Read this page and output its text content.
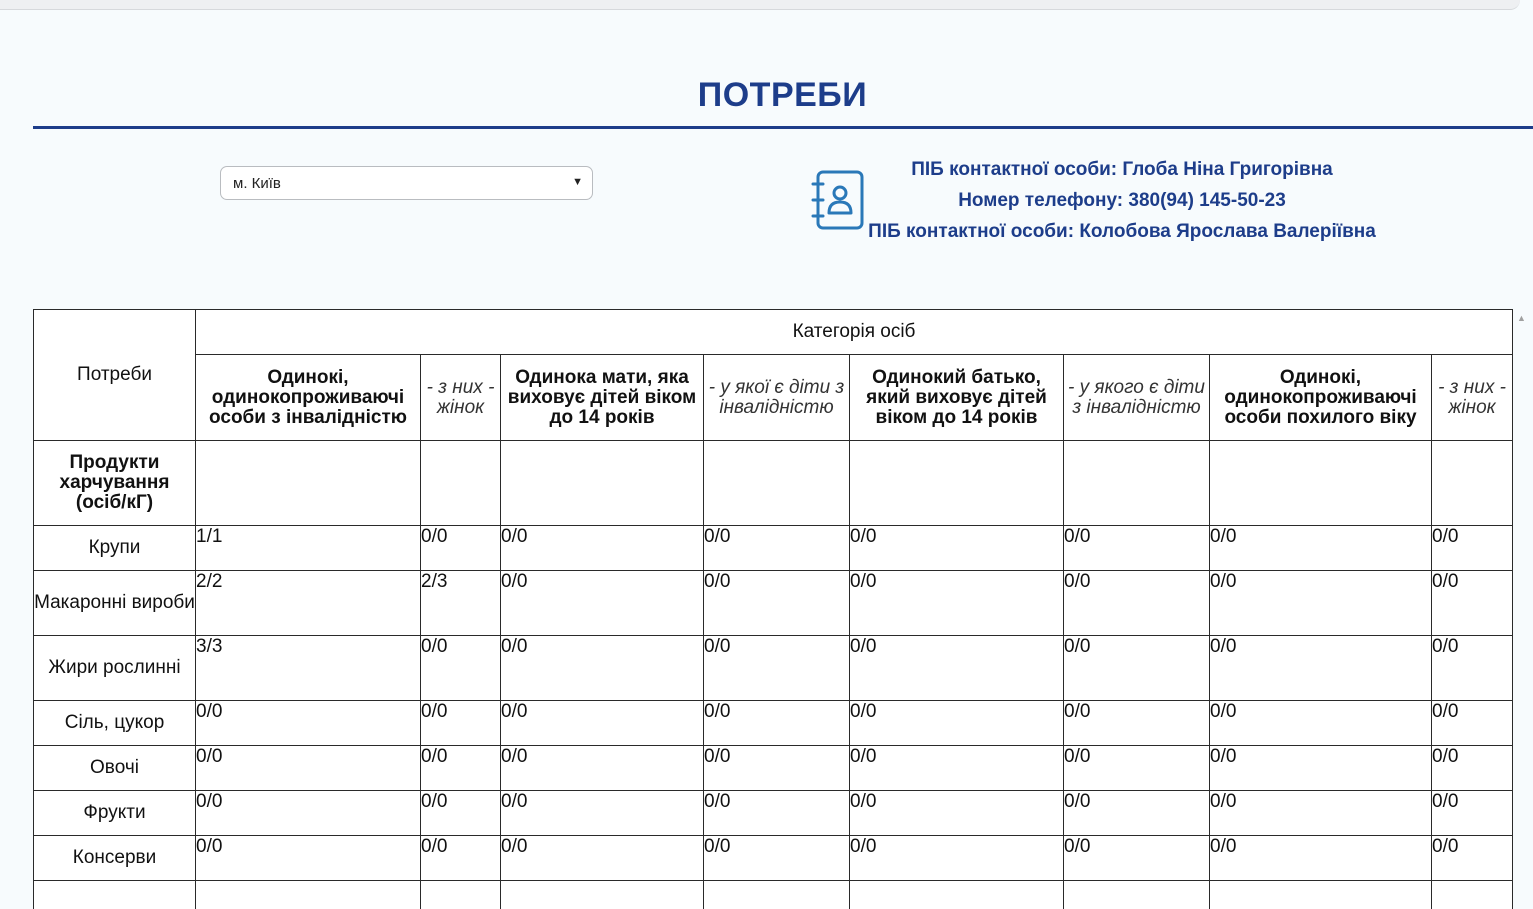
ПОТРЕБИ
м. Київ	▼
ПІБ контактної особи: Глоба Ніна Григорівна
Номер телефону: 380(94) 145-50-23
ПІБ контактної особи: Колобова Ярослава Валеріївна
Потреби	Категорія осіб							
	Одинокі, одинокопроживаючі особи з інвалідністю	- з них - жінок	Одинока мати, яка виховує дітей віком до 14 років	- у якої є діти з інвалідністю	Одинокий батько, який виховує дітей віком до 14 років	- у якого є діти з інвалідністю	Одинокі, одинокопроживаючі особи похилого віку	- з них - жінок
Продукти харчування (осіб/кГ)								
Крупи	1/1	0/0	0/0	0/0	0/0	0/0	0/0	0/0
Макаронні вироби	2/2	2/3	0/0	0/0	0/0	0/0	0/0	0/0
Жири рослинні	3/3	0/0	0/0	0/0	0/0	0/0	0/0	0/0
Сіль, цукор	0/0	0/0	0/0	0/0	0/0	0/0	0/0	0/0
Овочі	0/0	0/0	0/0	0/0	0/0	0/0	0/0	0/0
Фрукти	0/0	0/0	0/0	0/0	0/0	0/0	0/0	0/0
Консерви	0/0	0/0	0/0	0/0	0/0	0/0	0/0	0/0

▲
